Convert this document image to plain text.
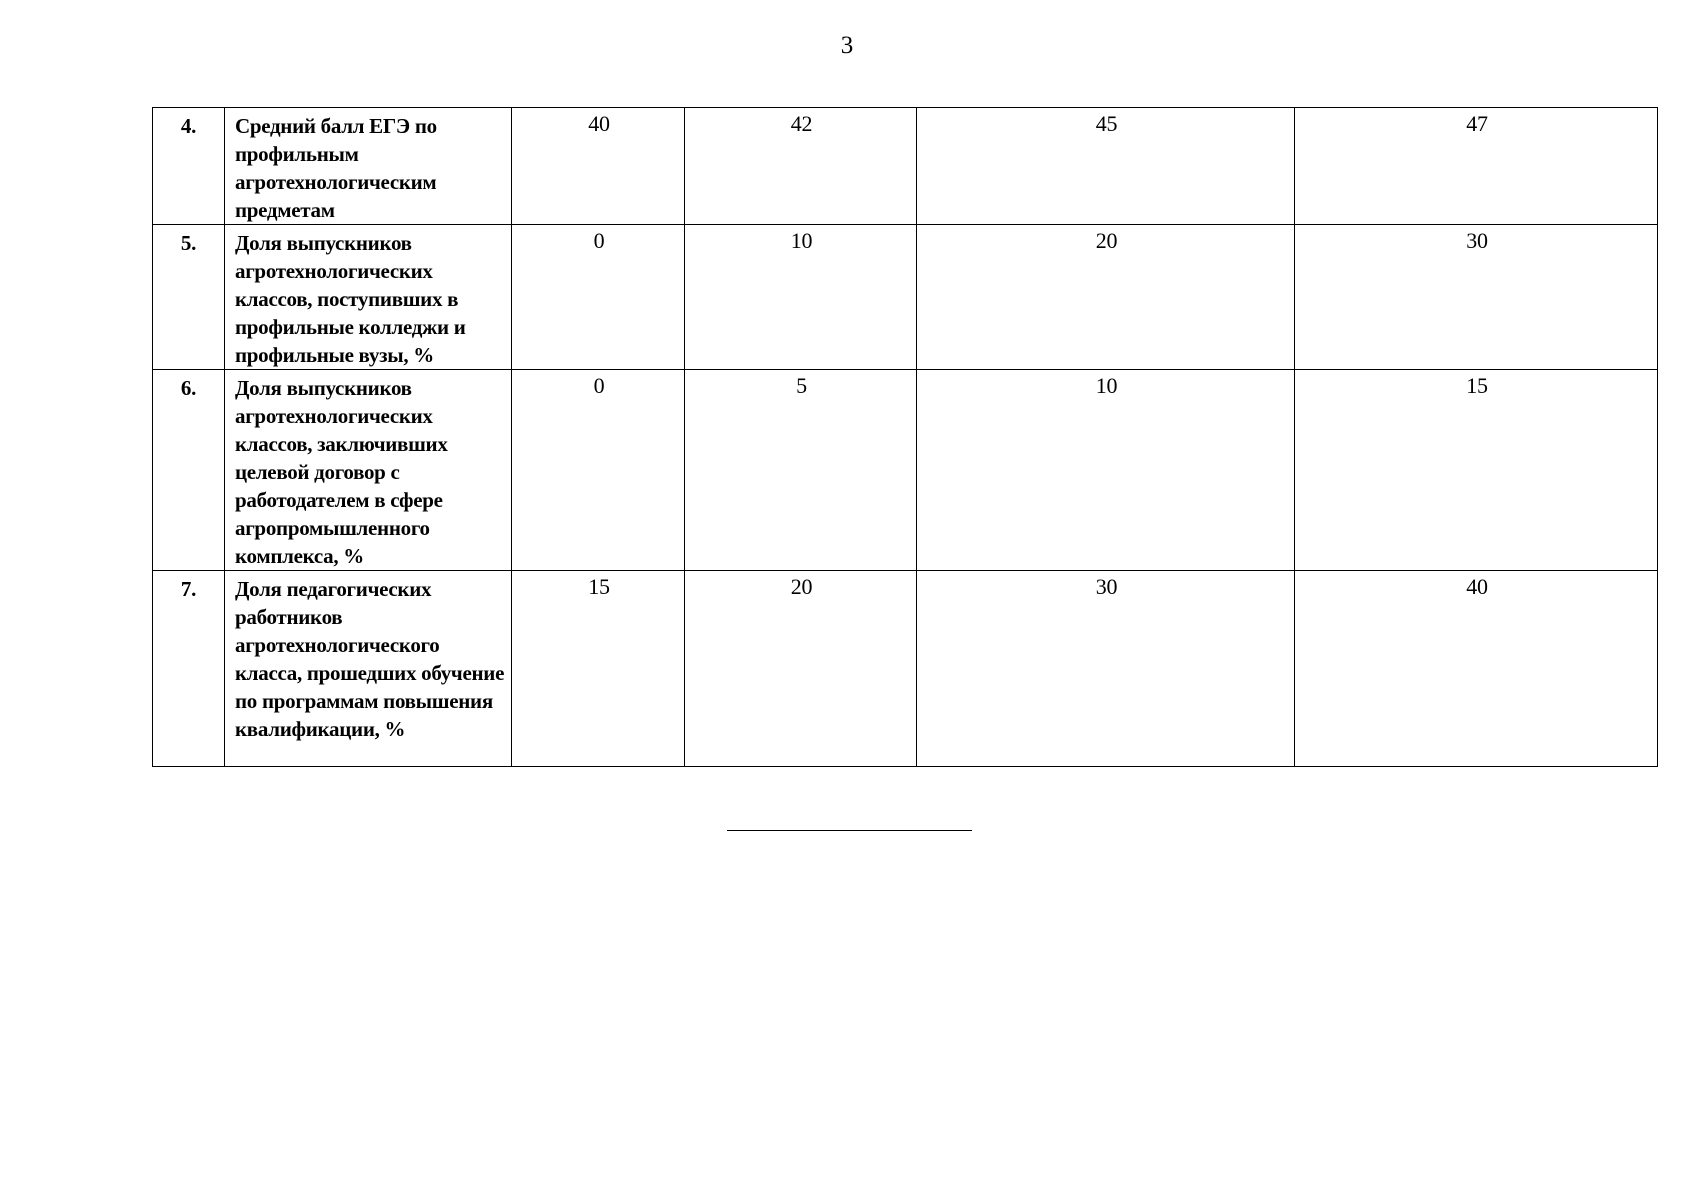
3
4.	Средний балл ЕГЭ по профильным агротехнологическим предметам	40	42	45	47
5.	Доля выпускников агротехнологических классов, поступивших в профильные колледжи и профильные вузы, %	0	10	20	30
6.	Доля выпускников агротехнологических классов, заключивших целевой договор с работодателем в сфере агропромышленного комплекса, %	0	5	10	15
7.	Доля педагогических работников агротехнологического класса, прошедших обучение по программам повышения квалификации, %	15	20	30	40
